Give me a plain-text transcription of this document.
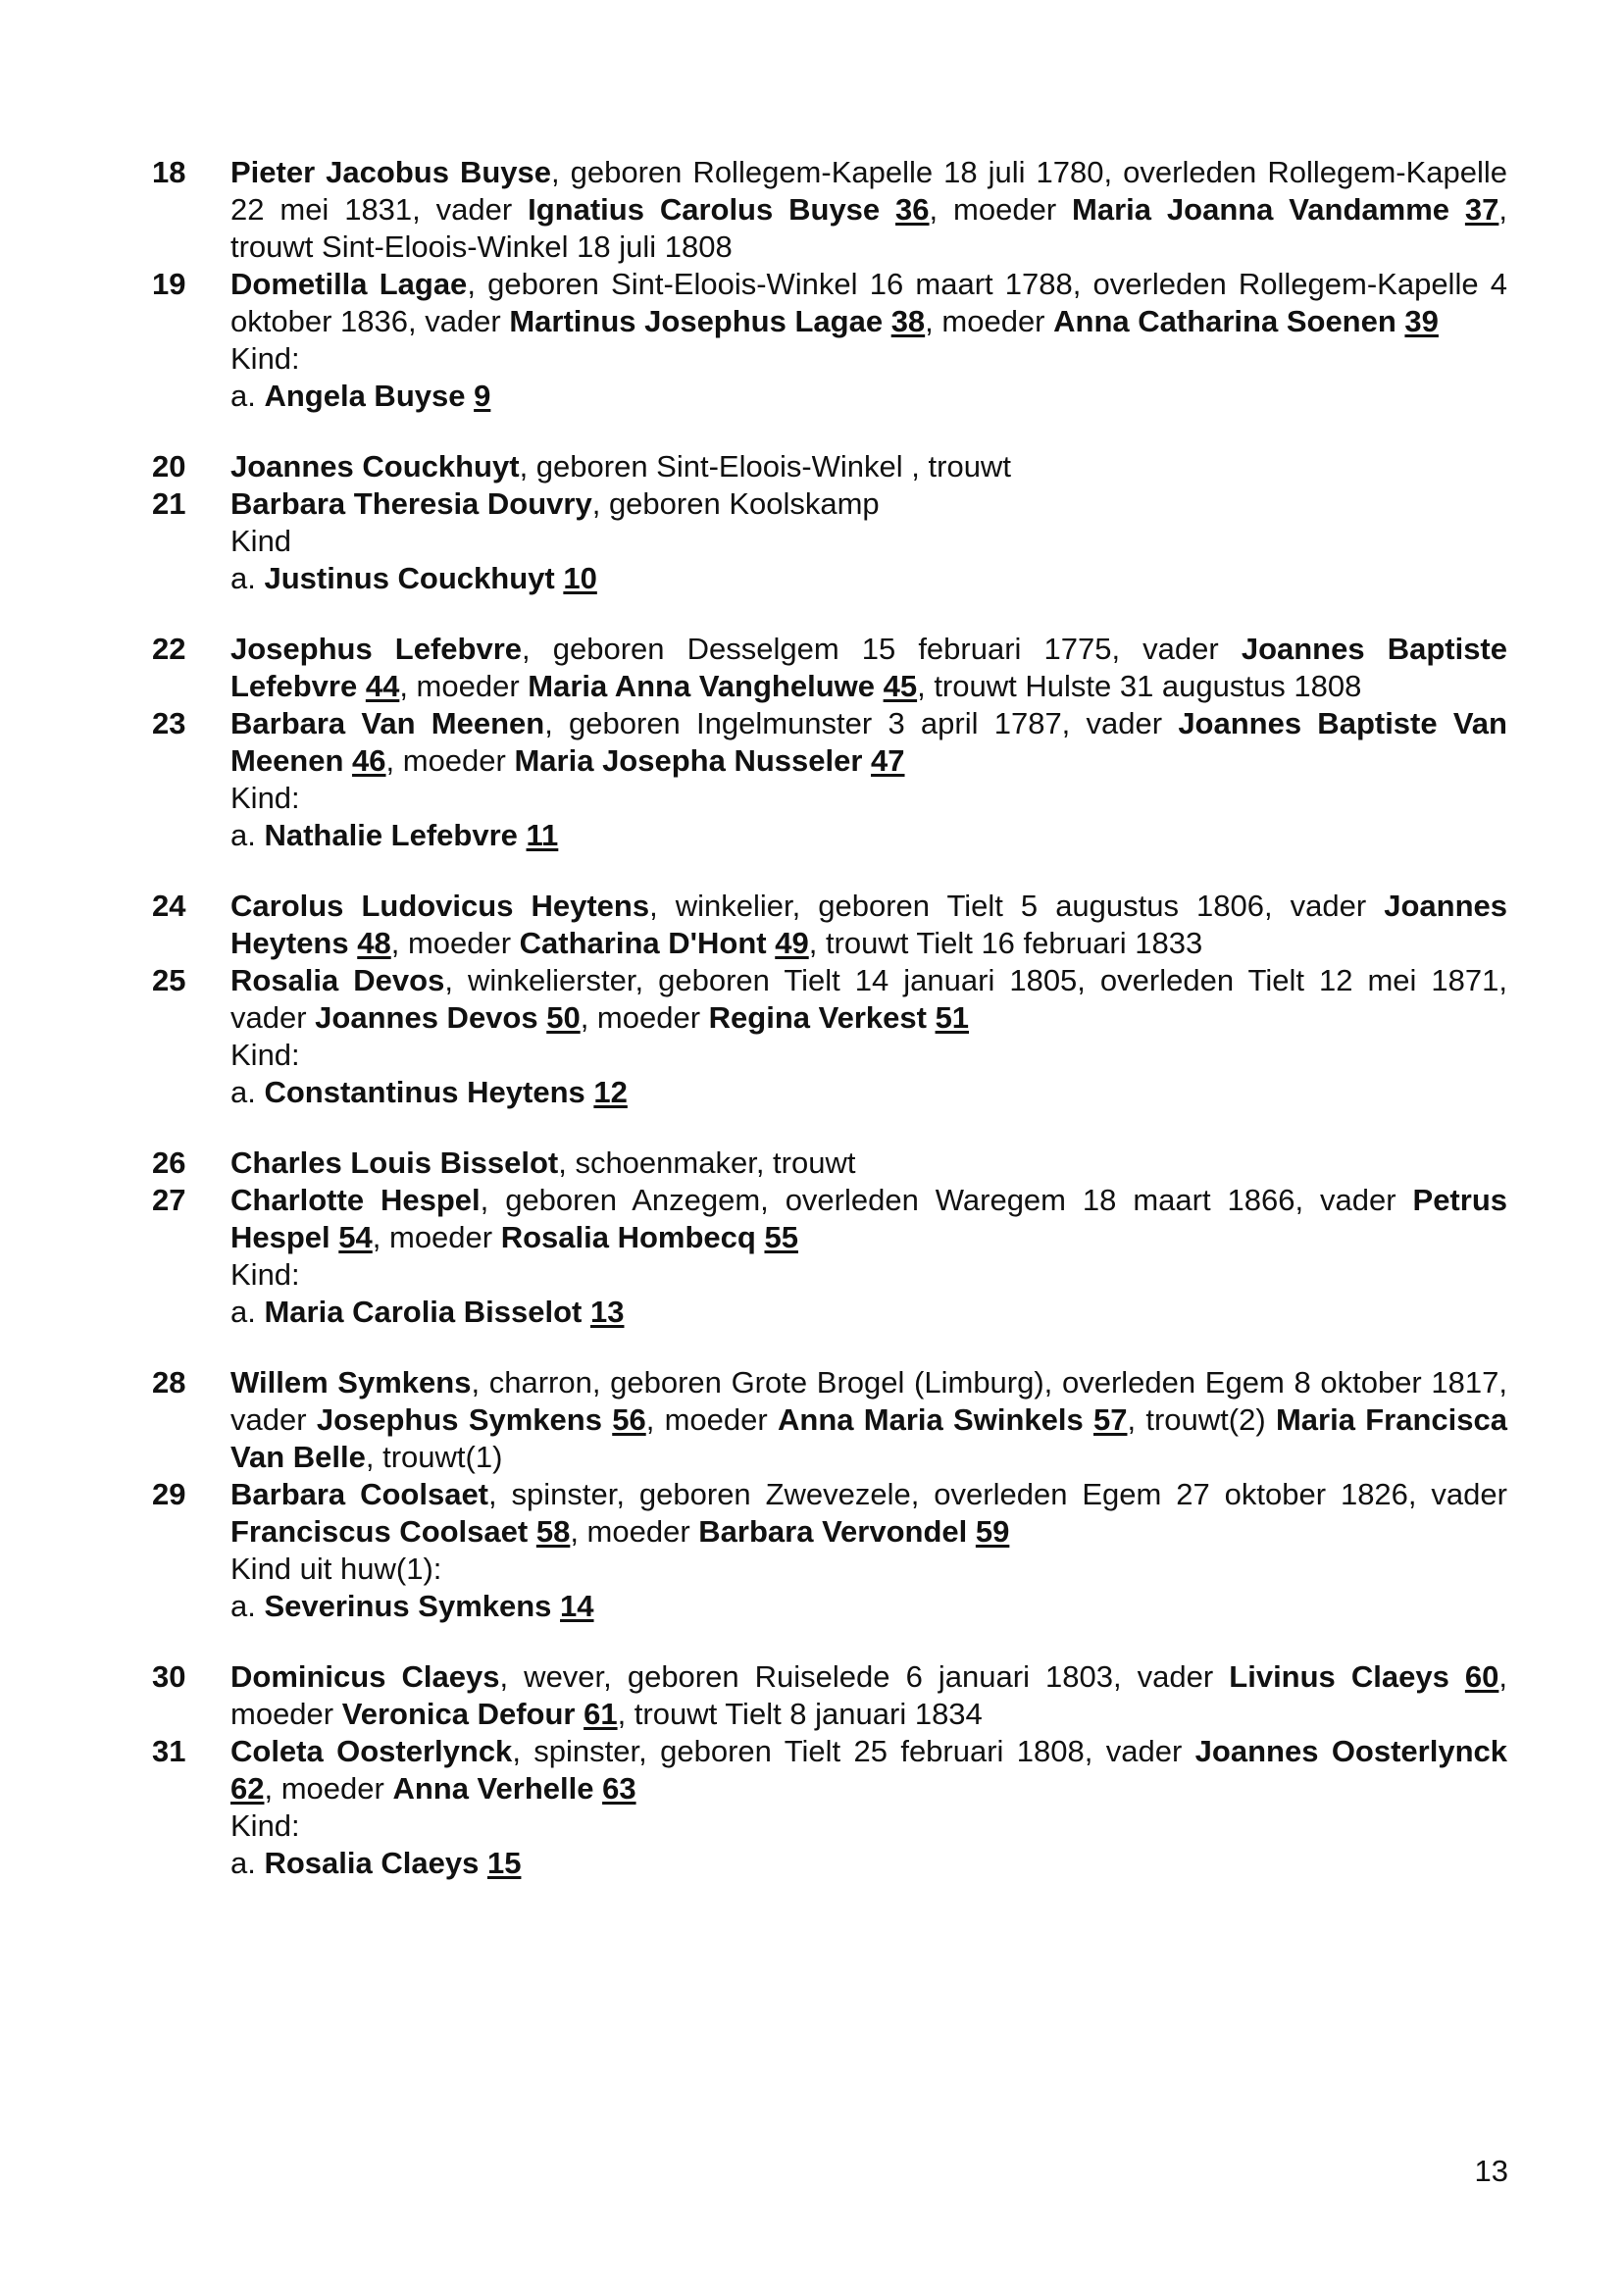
18	Pieter Jacobus Buyse, geboren Rollegem-Kapelle 18 juli 1780, overleden Rollegem-Kapelle 22 mei 1831, vader Ignatius Carolus Buyse 36, moeder Maria Joanna Vandamme 37, trouwt Sint-Eloois-Winkel 18 juli 1808
19	Dometilla Lagae, geboren Sint-Eloois-Winkel 16 maart 1788, overleden Rollegem-Kapelle 4 oktober 1836, vader Martinus Josephus Lagae 38, moeder Anna Catharina Soenen 39
Kind:
a. Angela Buyse 9
20	Joannes Couckhuyt, geboren Sint-Eloois-Winkel , trouwt
21	Barbara Theresia Douvry, geboren Koolskamp
Kind
a. Justinus Couckhuyt 10
22	Josephus Lefebvre, geboren Desselgem 15 februari 1775, vader Joannes Baptiste Lefebvre 44, moeder Maria Anna Vangheluwe 45, trouwt Hulste 31 augustus 1808
23	Barbara Van Meenen, geboren Ingelmunster 3 april 1787, vader Joannes Baptiste Van Meenen 46, moeder Maria Josepha Nusseler 47
Kind:
a. Nathalie Lefebvre 11
24	Carolus Ludovicus Heytens, winkelier, geboren Tielt 5 augustus 1806, vader Joannes Heytens 48, moeder Catharina D'Hont 49, trouwt Tielt 16 februari 1833
25	Rosalia Devos, winkelierster, geboren Tielt 14 januari 1805, overleden Tielt 12 mei 1871, vader Joannes Devos 50, moeder Regina Verkest 51
Kind:
a. Constantinus Heytens 12
26	Charles Louis Bisselot, schoenmaker, trouwt
27	Charlotte Hespel, geboren Anzegem, overleden Waregem 18 maart 1866, vader Petrus Hespel 54, moeder Rosalia Hombecq 55
Kind:
a. Maria Carolia Bisselot 13
28	Willem Symkens, charron, geboren Grote Brogel (Limburg), overleden Egem 8 oktober 1817, vader Josephus Symkens 56, moeder Anna Maria Swinkels 57, trouwt(2) Maria Francisca Van Belle, trouwt(1)
29	Barbara Coolsaet, spinster, geboren Zwevezele, overleden Egem 27 oktober 1826, vader Franciscus Coolsaet 58, moeder Barbara Vervondel 59
Kind uit huw(1):
a. Severinus Symkens 14
30	Dominicus Claeys, wever, geboren Ruiselede 6 januari 1803, vader Livinus Claeys 60, moeder Veronica Defour 61, trouwt Tielt 8 januari 1834
31	Coleta Oosterlynck, spinster, geboren Tielt 25 februari 1808, vader Joannes Oosterlynck 62, moeder Anna Verhelle 63
Kind:
a. Rosalia Claeys 15
13
